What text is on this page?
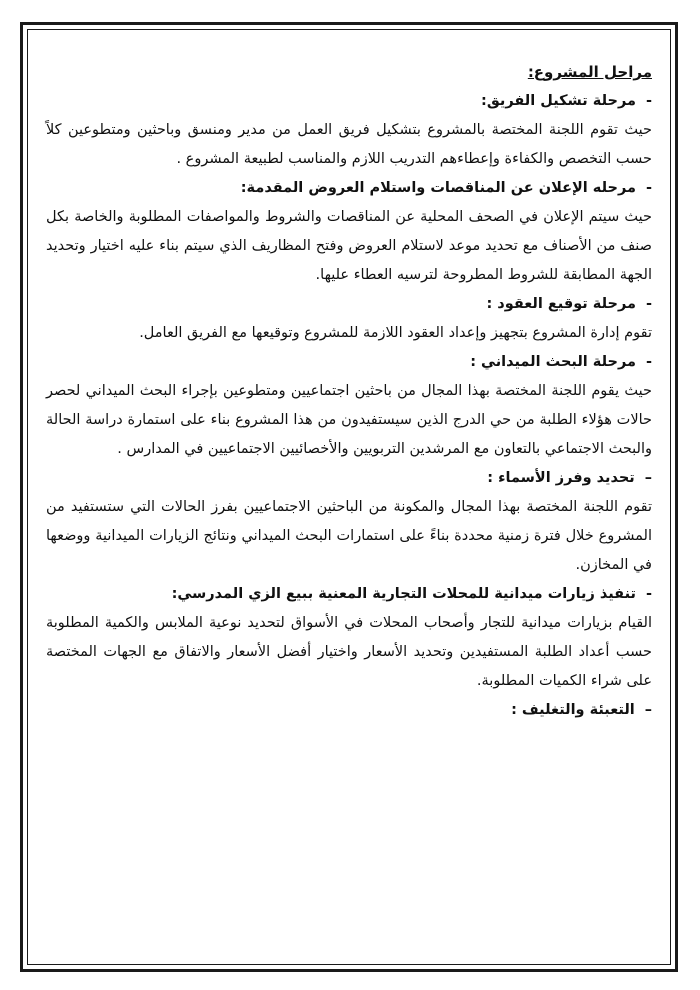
مراحل المشروع:

-مرحلة تشكيل الفريق:

حيث تقوم اللجنة المختصة بالمشروع بتشكيل فريق العمل من مدير ومنسق وباحثين ومتطوعين كلاً حسب التخصص والكفاءة وإعطاءهم التدريب اللازم والمناسب لطبيعة المشروع .

-مرحله الإعلان عن المناقصات واستلام العروض المقدمة:

حيث سيتم الإعلان في الصحف المحلية عن المناقصات والشروط والمواصفات المطلوبة والخاصة بكل صنف من الأصناف مع تحديد موعد لاستلام العروض وفتح المظاريف الذي سيتم بناء عليه اختيار وتحديد الجهة المطابقة للشروط المطروحة لترسيه العطاء عليها.

-مرحلة توقيع العقود :

تقوم إدارة المشروع بتجهيز وإعداد العقود اللازمة للمشروع وتوقيعها مع الفريق العامل.

-مرحلة البحث الميداني :

حيث يقوم اللجنة المختصة بهذا المجال من باحثين اجتماعيين ومتطوعين بإجراء البحث الميداني لحصر حالات هؤلاء الطلبة من حي الدرج الذين سيستفيدون من هذا المشروع بناء على استمارة دراسة الحالة والبحث الاجتماعي بالتعاون مع المرشدين التربويين والأخصائيين الاجتماعيين في المدارس .

–تحديد وفرز الأسماء :

تقوم اللجنة المختصة بهذا المجال والمكونة من الباحثين الاجتماعيين بفرز الحالات التي ستستفيد من المشروع خلال فترة زمنية محددة بناءً على استمارات البحث الميداني ونتائج الزيارات الميدانية ووضعها في المخازن.

-تنفيذ زيارات ميدانية للمحلات التجارية المعنية ببيع الزي المدرسي:

القيام بزيارات ميدانية للتجار وأصحاب المحلات في الأسواق لتحديد نوعية الملابس والكمية المطلوبة حسب أعداد الطلبة المستفيدين وتحديد الأسعار واختيار أفضل الأسعار والاتفاق مع الجهات المختصة على شراء الكميات المطلوبة.

–التعبئة والتغليف :
